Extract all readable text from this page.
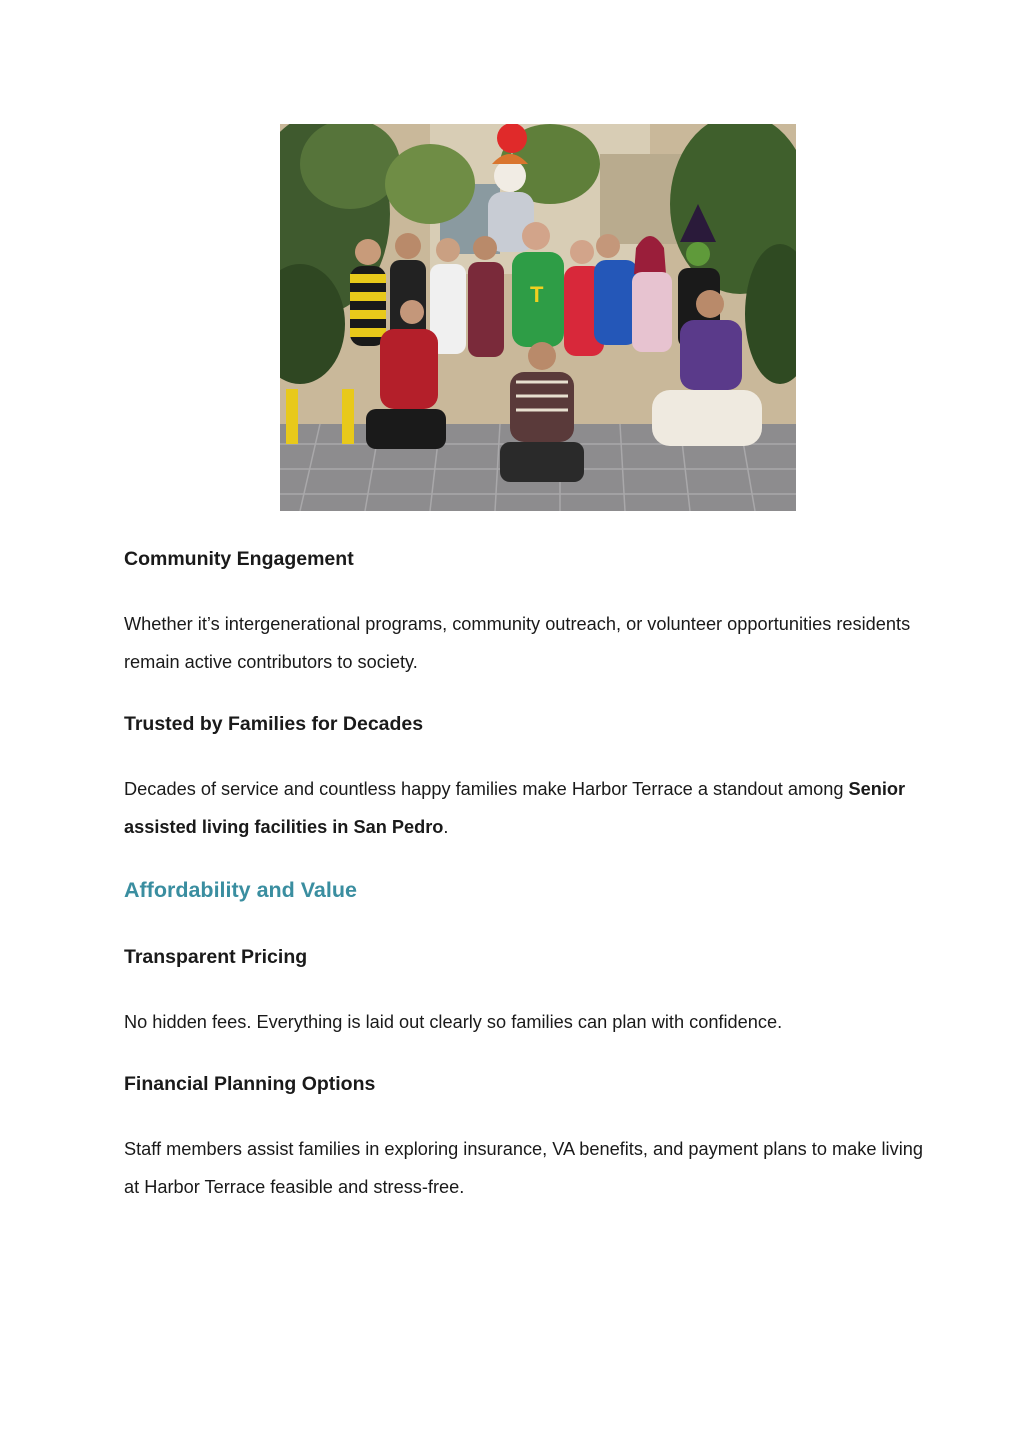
T
Community Engagement

Whether it’s intergenerational programs, community outreach, or volunteer opportunities residents remain active contributors to society.

Trusted by Families for Decades

Decades of service and countless happy families make Harbor Terrace a standout among Senior assisted living facilities in San Pedro.

Affordability and Value
Transparent Pricing

No hidden fees. Everything is laid out clearly so families can plan with confidence.

Financial Planning Options

Staff members assist families in exploring insurance, VA benefits, and payment plans to make living at Harbor Terrace feasible and stress-free.
